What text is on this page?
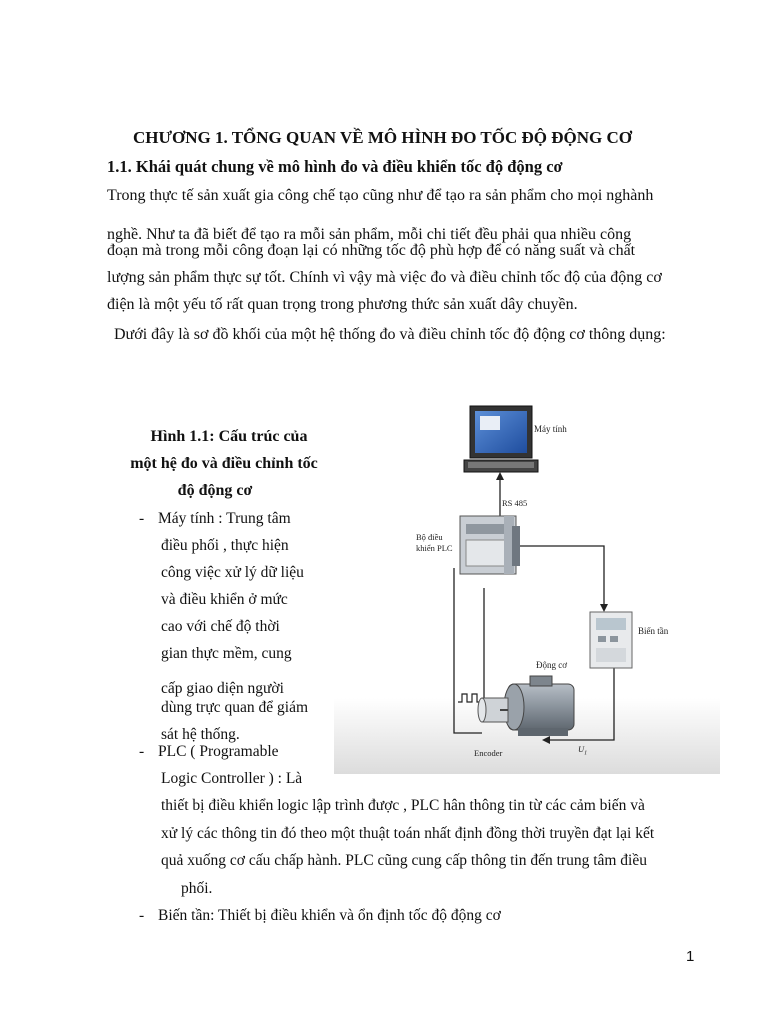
CHƯƠNG 1. TỔNG QUAN VỀ MÔ HÌNH ĐO TỐC ĐỘ ĐỘNG CƠ
1.1. Khái quát chung về mô hình đo và điều khiển tốc độ động cơ
Trong thực tế sản xuất gia công chế tạo cũng như để tạo ra sản phẩm cho mọi nghành
nghề. Như ta đã biết để tạo ra mỗi sản phẩm, mỗi chi tiết đều phải qua nhiều công
đoạn mà trong mỗi công đoạn lại có những tốc độ phù hợp để có năng suất và chất
lượng sản phẩm thực sự tốt. Chính vì vậy mà việc đo và điều chỉnh tốc độ của động cơ
điện là một yếu tố rất quan trọng trong phương thức sản xuất dây chuyền.
Dưới đây là sơ đồ khối của một hệ thống đo và điều chỉnh tốc độ động cơ thông dụng:
Hình 1.1: Cấu trúc của
một hệ đo và điều chỉnh tốc
độ động cơ
- Máy tính : Trung tâm
điều phối , thực hiện
công việc xử lý dữ liệu
và điều khiển ở mức
cao với chế độ thời
gian thực mềm, cung
cấp giao diện người
dùng trực quan để giám
sát hệ thống.
- PLC ( Programable
Logic Controller ) : Là
thiết bị điều khiển logic lập trình được , PLC hân thông tin từ các cảm biến và
xử lý các thông tin đó theo một thuật toán nhất định đồng thời truyền đạt lại kết
quả xuống cơ cấu chấp hành. PLC cũng cung cấp thông tin đến trung tâm điều
phối.
- Biến tần: Thiết bị điều khiển và ổn định tốc độ động cơ
Máy tính
RS 485
Bộ điều
khiển PLC
Biến tần
Động cơ
Encoder	$U_1$
1
